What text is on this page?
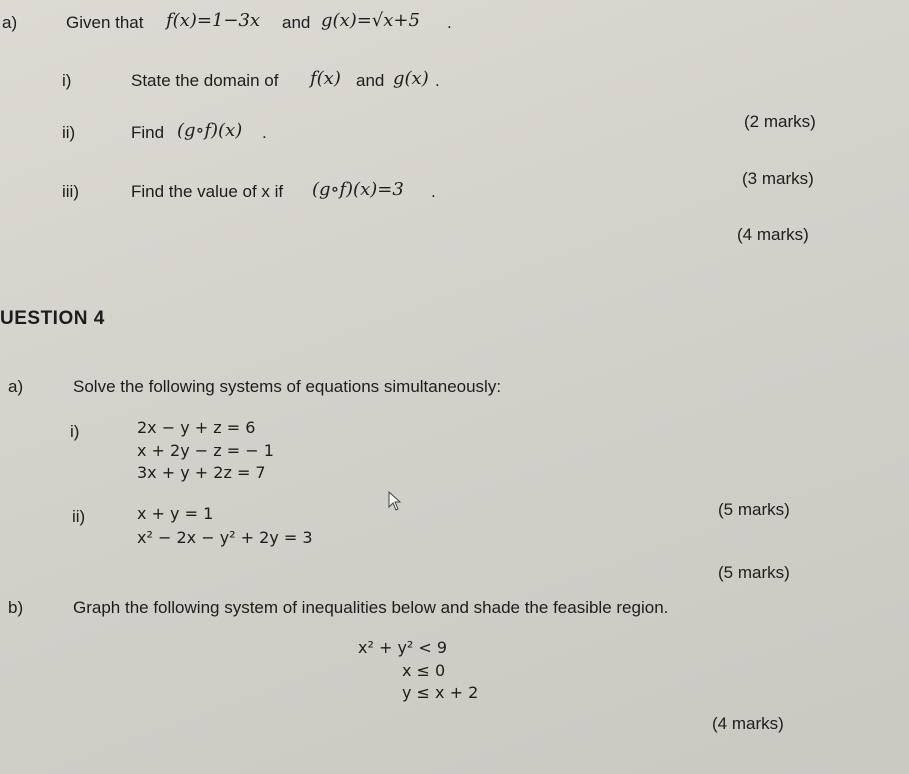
a)	Given that f(x)=1−3x and g(x)=√x+5 .
i)	State the domain of f(x) and g(x) .
ii)	Find (g∘f)(x) .
(2 marks)
iii)	Find the value of x if (g∘f)(x)=3 .
(3 marks)
(4 marks)
UESTION 4
a)	Solve the following systems of equations simultaneously:
i)	2x − y + z = 6
x + 2y − z = − 1
3x + y + 2z = 7
ii)	x + y = 1
x² − 2x − y² + 2y = 3
(5 marks)
(5 marks)
b)	Graph the following system of inequalities below and shade the feasible region.
x² + y² < 9
x ≤ 0
y ≤ x + 2
(4 marks)
